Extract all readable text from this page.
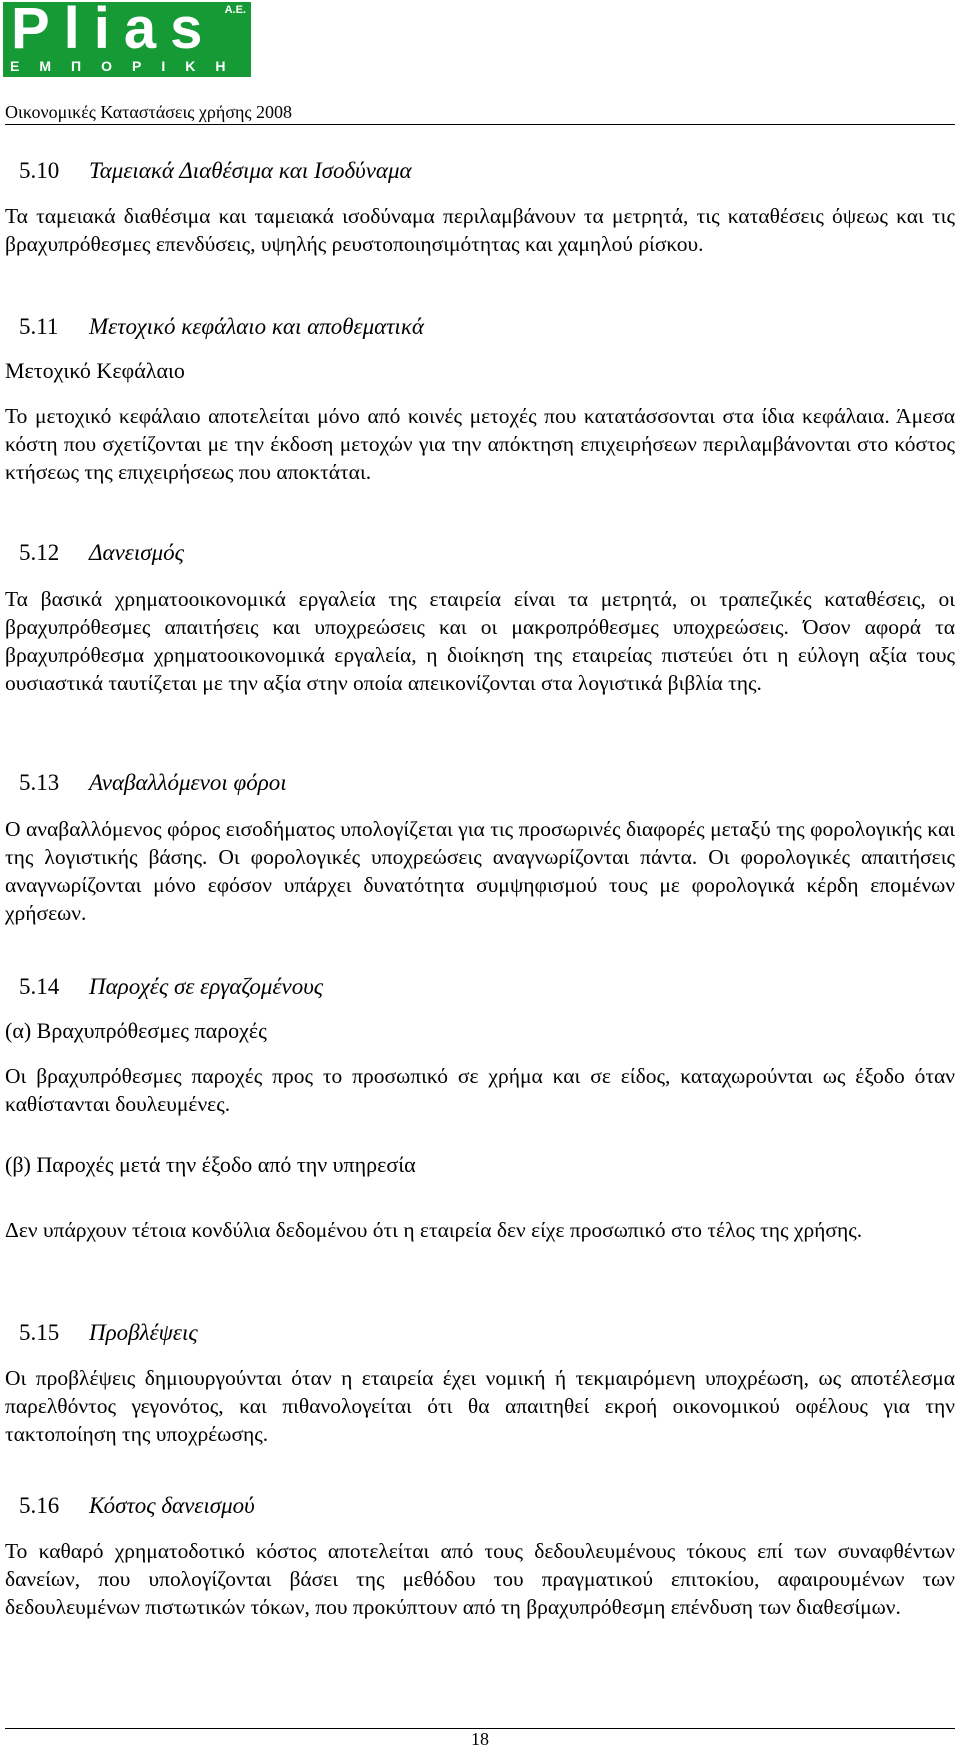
Plias A.E.
ΕΜΠΟΡΙΚΗ
Οικονομικές Καταστάσεις χρήσης 2008
5.10 Ταμειακά Διαθέσιμα και Ισοδύναμα

Τα ταμειακά διαθέσιμα και ταμειακά ισοδύναμα περιλαμβάνουν τα μετρητά, τις καταθέσεις όψεως και τις βραχυπρόθεσμες επενδύσεις, υψηλής ρευστοποιησιμότητας και χαμηλού ρίσκου.

5.11 Μετοχικό κεφάλαιο και αποθεματικά
Μετοχικό Κεφάλαιο

Το μετοχικό κεφάλαιο αποτελείται μόνο από κοινές μετοχές που κατατάσσονται στα ίδια κεφάλαια. Άμεσα κόστη που σχετίζονται με την έκδοση μετοχών για την απόκτηση επιχειρήσεων περιλαμβάνονται στο κόστος κτήσεως της επιχειρήσεως που αποκτάται.

5.12 Δανεισμός

Τα βασικά χρηματοοικονομικά εργαλεία της εταιρεία είναι τα μετρητά, οι τραπεζικές καταθέσεις, οι βραχυπρόθεσμες απαιτήσεις και υποχρεώσεις και οι μακροπρόθεσμες υποχρεώσεις. Όσον αφορά τα βραχυπρόθεσμα χρηματοοικονομικά εργαλεία, η διοίκηση της εταιρείας πιστεύει ότι η εύλογη αξία τους ουσιαστικά ταυτίζεται με την αξία στην οποία απεικονίζονται στα λογιστικά βιβλία της.

5.13 Αναβαλλόμενοι φόροι

Ο αναβαλλόμενος φόρος εισοδήματος υπολογίζεται για τις προσωρινές διαφορές μεταξύ της φορολογικής και της λογιστικής βάσης. Οι φορολογικές υποχρεώσεις αναγνωρίζονται πάντα. Οι φορολογικές απαιτήσεις αναγνωρίζονται μόνο εφόσον υπάρχει δυνατότητα συμψηφισμού τους με φορολογικά κέρδη επομένων χρήσεων.

5.14 Παροχές σε εργαζομένους
(α) Βραχυπρόθεσμες παροχές

Οι βραχυπρόθεσμες παροχές προς το προσωπικό σε χρήμα και σε είδος, καταχωρούνται ως έξοδο όταν καθίστανται δουλευμένες.

(β) Παροχές μετά την έξοδο από την υπηρεσία

Δεν υπάρχουν τέτοια κονδύλια δεδομένου ότι η εταιρεία δεν είχε προσωπικό στο τέλος της χρήσης.

5.15 Προβλέψεις

Οι προβλέψεις δημιουργούνται όταν η εταιρεία έχει νομική ή τεκμαιρόμενη υποχρέωση, ως αποτέλεσμα παρελθόντος γεγονότος, και πιθανολογείται ότι θα απαιτηθεί εκροή οικονομικού οφέλους για την τακτοποίηση της υποχρέωσης.

5.16 Κόστος δανεισμού

Το καθαρό χρηματοδοτικό κόστος αποτελείται από τους δεδουλευμένους τόκους επί των συναφθέντων δανείων, που υπολογίζονται βάσει της μεθόδου του πραγματικού επιτοκίου, αφαιρουμένων των δεδουλευμένων πιστωτικών τόκων, που προκύπτουν από τη βραχυπρόθεσμη επένδυση των διαθεσίμων.

18
